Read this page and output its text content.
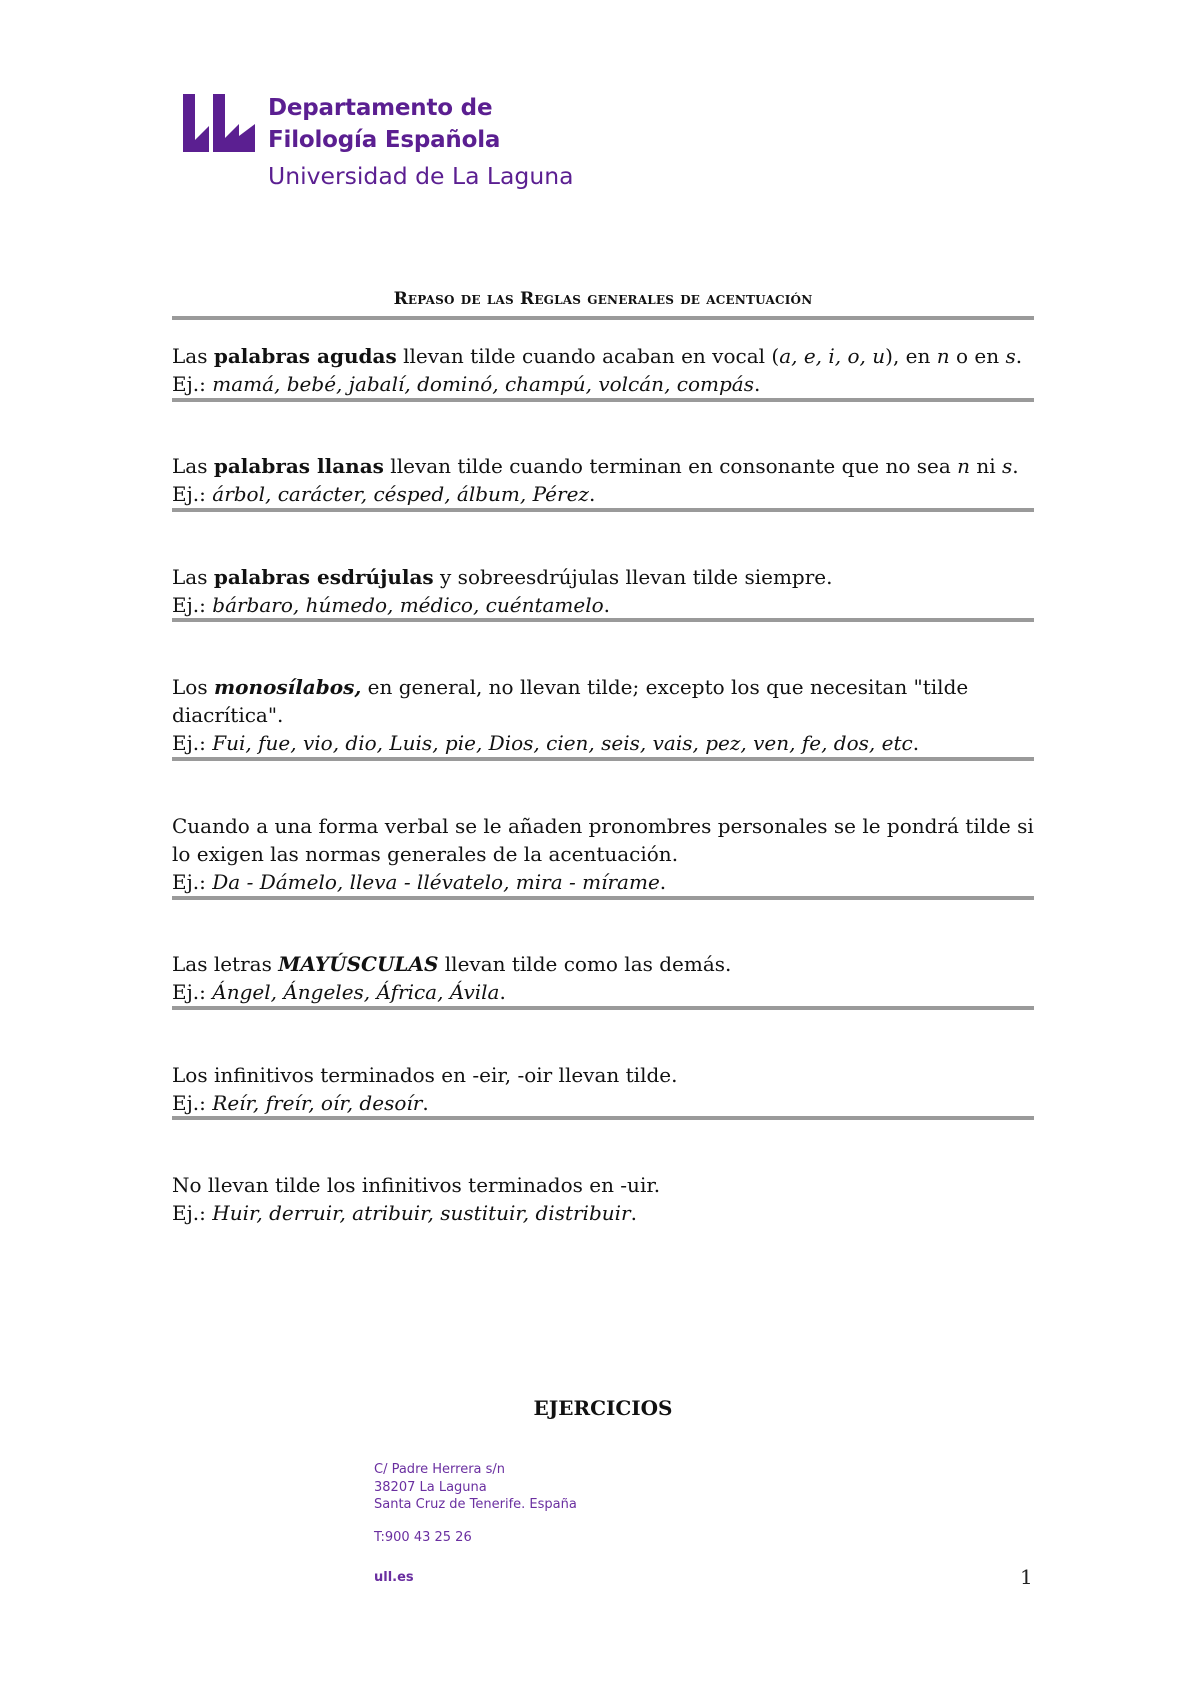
Departamento de
Filología Española
Universidad de La Laguna
Repaso de las Reglas generales de acentuación

Las palabras agudas llevan tilde cuando acaban en vocal (a, e, i, o, u), en n o en s.

Ej.: mamá, bebé, jabalí, dominó, champú, volcán, compás.

Las palabras llanas llevan tilde cuando terminan en consonante que no sea n ni s.

Ej.: árbol, carácter, césped, álbum, Pérez.

Las palabras esdrújulas y sobreesdrújulas llevan tilde siempre.

Ej.: bárbaro, húmedo, médico, cuéntamelo.

Los monosílabos, en general, no llevan tilde; excepto los que necesitan "tilde diacrítica".

Ej.: Fui, fue, vio, dio, Luis, pie, Dios, cien, seis, vais, pez, ven, fe, dos, etc.

Cuando a una forma verbal se le añaden pronombres personales se le pondrá tilde si lo exigen las normas generales de la acentuación.

Ej.: Da - Dámelo, lleva - llévatelo, mira - mírame.

Las letras MAYÚSCULAS llevan tilde como las demás.

Ej.: Ángel, Ángeles, África, Ávila.

Los infinitivos terminados en -eir, -oir llevan tilde.

Ej.: Reír, freír, oír, desoír.

No llevan tilde los infinitivos terminados en -uir.

Ej.: Huir, derruir, atribuir, sustituir, distribuir.

EJERCICIOS
C/ Padre Herrera s/n
38207 La Laguna
Santa Cruz de Tenerife. España
T:900 43 25 26
ull.es	1
